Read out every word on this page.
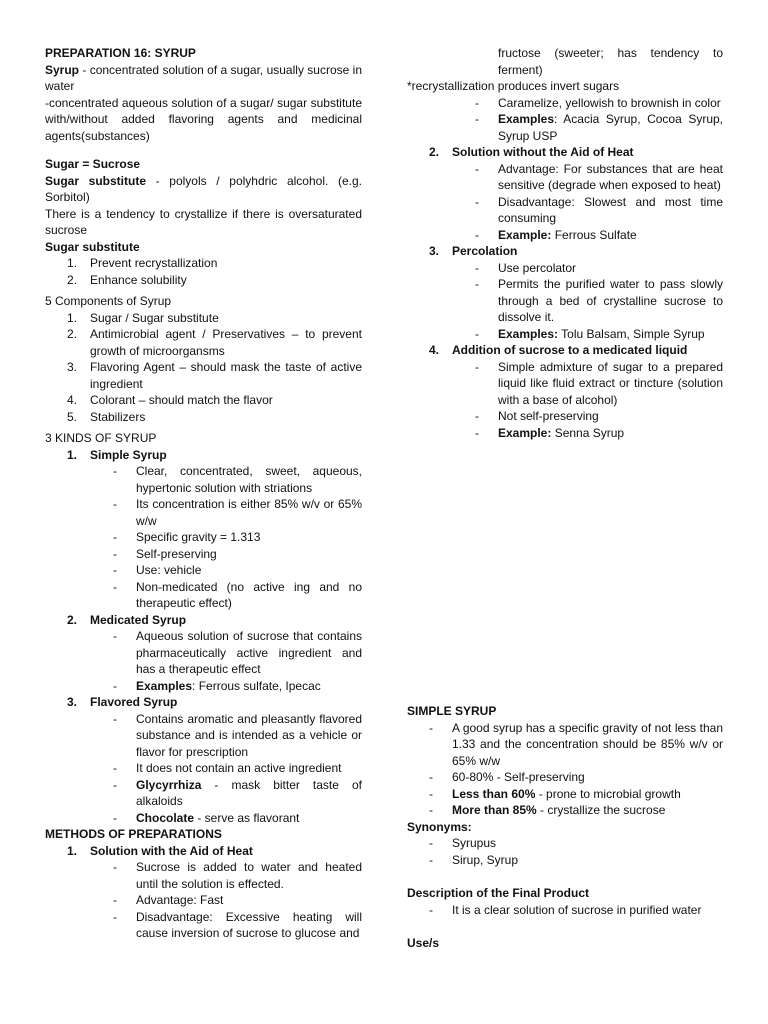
PREPARATION 16: SYRUP
Syrup - concentrated solution of a sugar, usually sucrose in water
-concentrated aqueous solution of a sugar/ sugar substitute with/without added flavoring agents and medicinal agents(substances)
Sugar = Sucrose
Sugar substitute - polyols / polyhdric alcohol. (e.g. Sorbitol)
There is a tendency to crystallize if there is oversaturated sucrose
Sugar substitute
1.	Prevent recrystallization
2.	Enhance solubility
5 Components of Syrup
1.	Sugar / Sugar substitute
2.	Antimicrobial agent / Preservatives – to prevent growth of microorgansms
3.	Flavoring Agent – should mask the taste of active ingredient
4.	Colorant – should match the flavor
5.	Stabilizers
3 KINDS OF SYRUP
1.	Simple Syrup
- Clear, concentrated, sweet, aqueous, hypertonic solution with striations
- Its concentration is either 85% w/v or 65% w/w
- Specific gravity = 1.313
- Self-preserving
- Use: vehicle
- Non-medicated (no active ing and no therapeutic effect)
2.	Medicated Syrup
- Aqueous solution of sucrose that contains pharmaceutically active ingredient and has a therapeutic effect
- Examples: Ferrous sulfate, Ipecac
3.	Flavored Syrup
- Contains aromatic and pleasantly flavored substance and is intended as a vehicle or flavor for prescription
- It does not contain an active ingredient
- Glycyrrhiza - mask bitter taste of alkaloids
- Chocolate - serve as flavorant
METHODS OF PREPARATIONS
1.	Solution with the Aid of Heat
- Sucrose is added to water and heated until the solution is effected.
- Advantage: Fast
- Disadvantage: Excessive heating will cause inversion of sucrose to glucose and
fructose (sweeter; has tendency to ferment)
*recrystallization produces invert sugars
- Caramelize, yellowish to brownish in color
- Examples: Acacia Syrup, Cocoa Syrup, Syrup USP
2.	Solution without the Aid of Heat
- Advantage: For substances that are heat sensitive (degrade when exposed to heat)
- Disadvantage: Slowest and most time consuming
- Example: Ferrous Sulfate
3.	Percolation
- Use percolator
- Permits the purified water to pass slowly through a bed of crystalline sucrose to dissolve it.
- Examples: Tolu Balsam, Simple Syrup
4.	Addition of sucrose to a medicated liquid
- Simple admixture of sugar to a prepared liquid like fluid extract or tincture (solution with a base of alcohol)
- Not self-preserving
- Example: Senna Syrup
SIMPLE SYRUP
- A good syrup has a specific gravity of not less than 1.33 and the concentration should be 85% w/v or 65% w/w
- 60-80% - Self-preserving
- Less than 60% - prone to microbial growth
- More than 85% - crystallize the sucrose
Synonyms:
- Syrupus
- Sirup, Syrup
Description of the Final Product
- It is a clear solution of sucrose in purified water
Use/s
